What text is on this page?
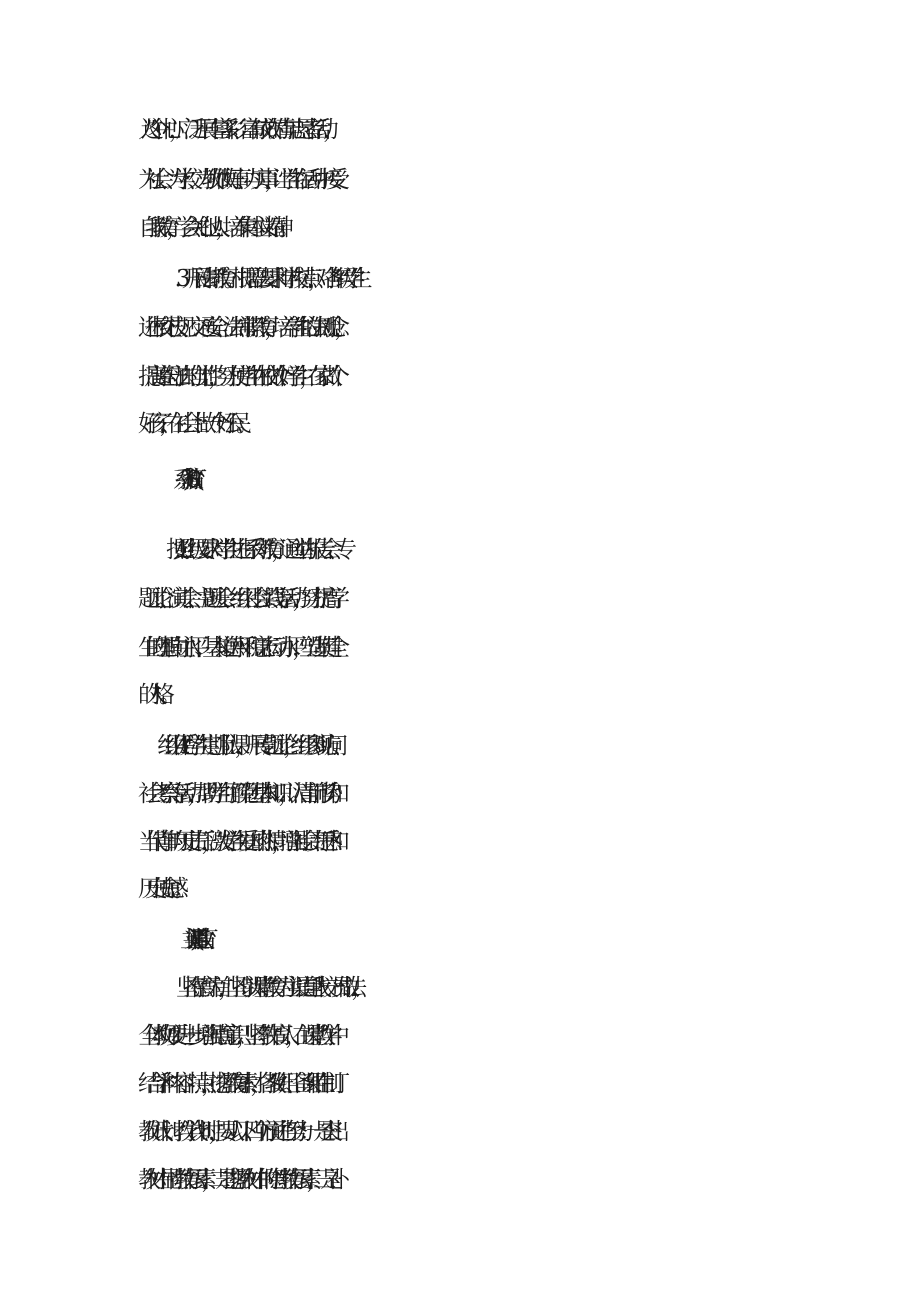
人”这个中心，广泛开展丰富多彩、富有成效的青年志愿者活动，
为社会、为学校、为教师做好事、办实事，让学生在活动中接受
自我教育，学会关心他人，培养集体主义精神。
3．开展法制教育。根据普法要求和学校特点，对各年级学生
进行校纪校规、交通安全、法制常识教育，培养学生的法制观念，
提高遵纪守法的自觉性，努力使学生在校做个好学生，在家做个
好孩子，在社会上做一个好公民。
1.按照上级要求对学生进行系列教育，通过举办报告会、专
题讨论、演讲会、主题班会、组织社会实践等活动，努力提高学
生的理想向往水平、基本道德水平和意志行动水平，塑造其健全
的人格。
4 .组织优秀学生定期上队课，开展专题讨论，组织参观访问、
社会考察等活动，帮助学生了解党团基本知识，认清当前形势和
当代青年的历史责任，激发学生爱国的热情，增强社会责任感和
历史使命感。
(四)主渠道教育
坚持德育为首，坚持以课堂教育为主渠道是我校一贯做法，
全体教师要进一步增强德育意识，坚持教书育人，在课堂教学中
结合学科内容、特点，挖掘教育素材，各教研组、备课组在制订
教研计划、教学计划时，要从以下四个方面进行努力：一是突出
教材中显性教育因素，二是挖掘教材中的隐性教育因素，三是补
